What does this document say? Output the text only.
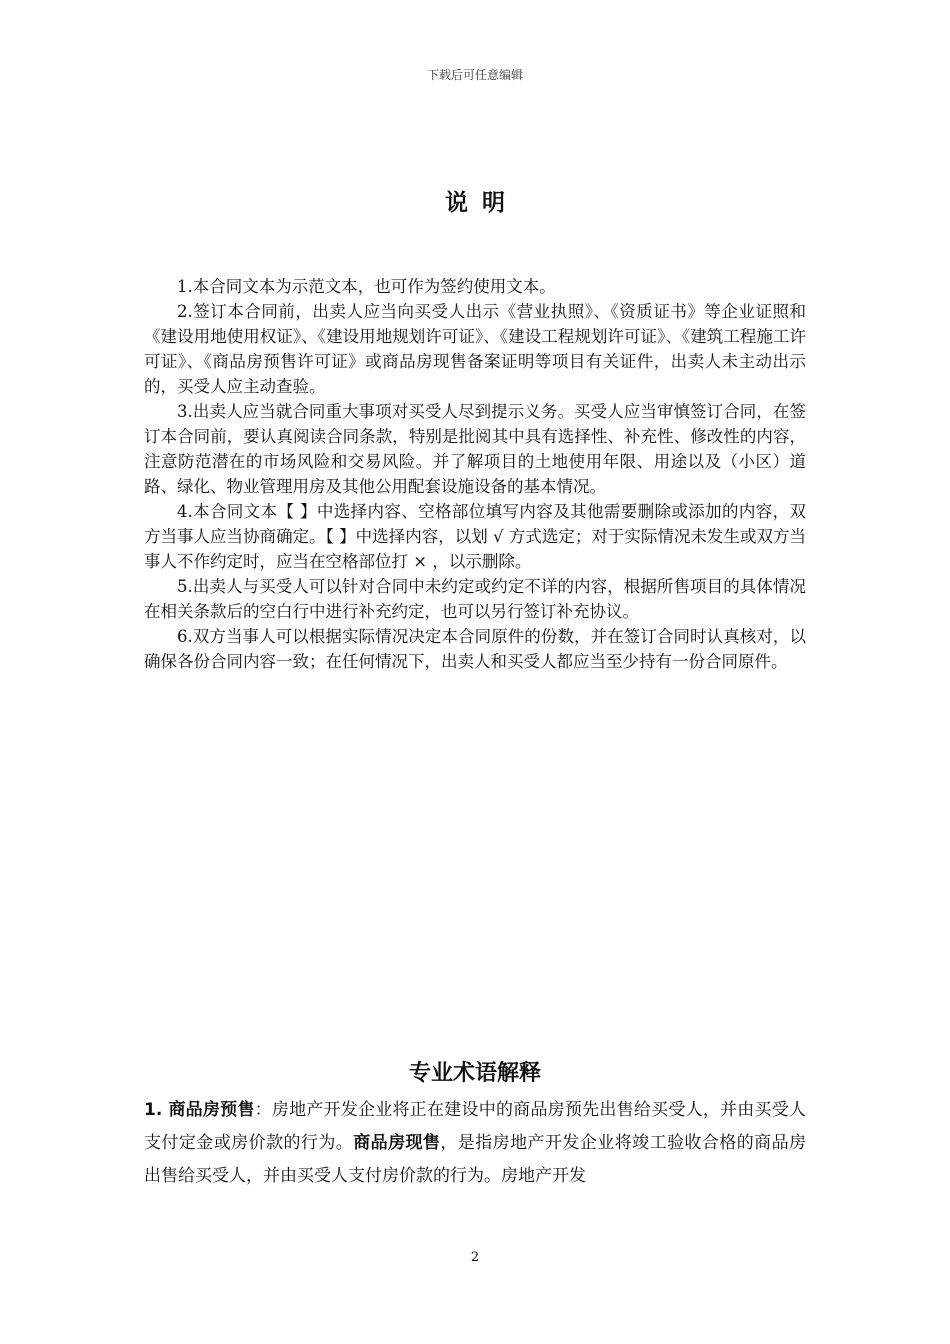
下载后可任意编辑
说明

1.本合同文本为示范文本，也可作为签约使用文本。

2.签订本合同前，出卖人应当向买受人出示《营业执照》、《资质证书》等企业证照和《建设用地使用权证》、《建设用地规划许可证》、《建设工程规划许可证》、《建筑工程施工许可证》、《商品房预售许可证》或商品房现售备案证明等项目有关证件，出卖人未主动出示的，买受人应主动查验。

3.出卖人应当就合同重大事项对买受人尽到提示义务。买受人应当审慎签订合同，在签订本合同前，要认真阅读合同条款，特别是批阅其中具有选择性、补充性、修改性的内容，注意防范潜在的市场风险和交易风险。并了解项目的土地使用年限、用途以及（小区）道路、绿化、物业管理用房及其他公用配套设施设备的基本情况。

4.本合同文本【 】中选择内容、空格部位填写内容及其他需要删除或添加的内容，双方当事人应当协商确定。【 】中选择内容，以划 √ 方式选定；对于实际情况未发生或双方当事人不作约定时，应当在空格部位打 × ，以示删除。

5.出卖人与买受人可以针对合同中未约定或约定不详的内容，根据所售项目的具体情况在相关条款后的空白行中进行补充约定，也可以另行签订补充协议。

6.双方当事人可以根据实际情况决定本合同原件的份数，并在签订合同时认真核对，以确保各份合同内容一致；在任何情况下，出卖人和买受人都应当至少持有一份合同原件。

专业术语解释

1. 商品房预售：房地产开发企业将正在建设中的商品房预先出售给买受人，并由买受人支付定金或房价款的行为。商品房现售，是指房地产开发企业将竣工验收合格的商品房出售给买受人，并由买受人支付房价款的行为。房地产开发

2
